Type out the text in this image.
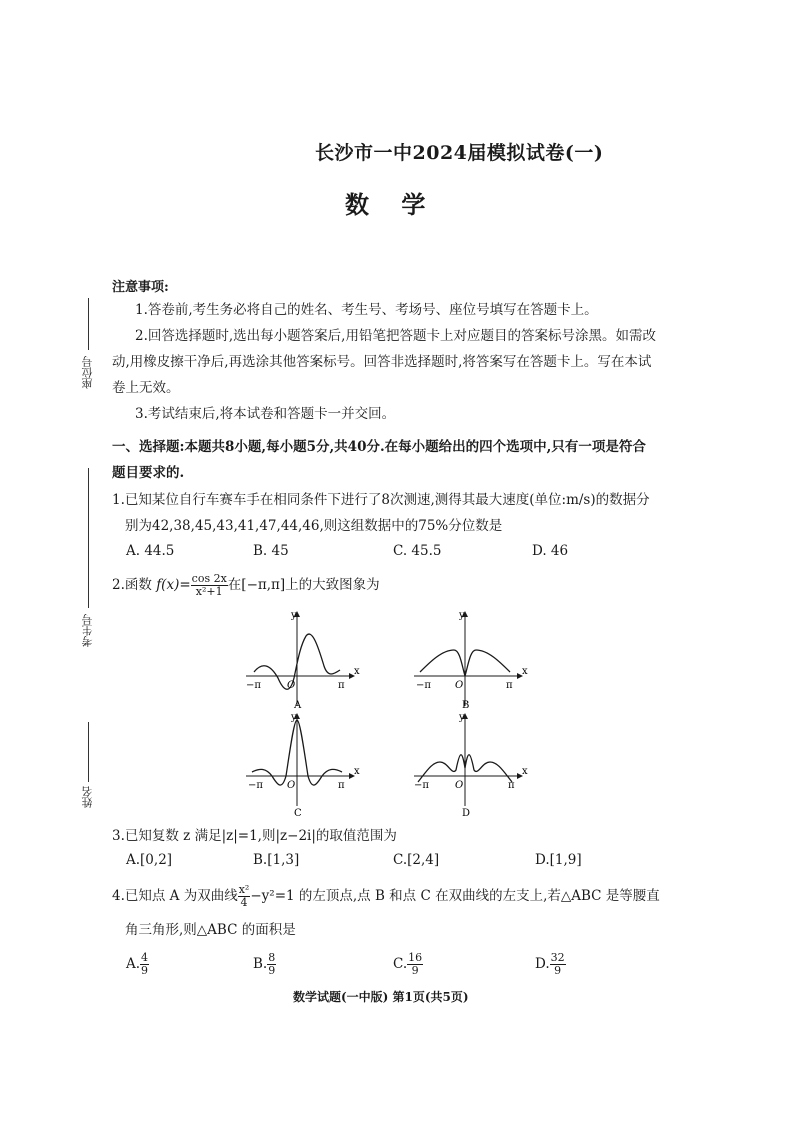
长沙市一中2024届模拟试卷(一)
数 学
座位号
考生号
姓名
注意事项:
1.答卷前,考生务必将自己的姓名、考生号、考场号、座位号填写在答题卡上。
2.回答选择题时,选出每小题答案后,用铅笔把答题卡上对应题目的答案标号涂黑。如需改
动,用橡皮擦干净后,再选涂其他答案标号。回答非选择题时,将答案写在答题卡上。写在本试
卷上无效。
3.考试结束后,将本试卷和答题卡一并交回。
一、选择题:本题共8小题,每小题5分,共40分.在每小题给出的四个选项中,只有一项是符合
题目要求的.
1.已知某位自行车赛车手在相同条件下进行了8次测速,测得其最大速度(单位:m/s)的数据分
别为42,38,45,43,41,47,44,46,则这组数据中的75%分位数是
A. 44.5	B. 45	C. 45.5	D. 46
2.函数 $f(x)= \frac{\cos 2x}{\text{x²+1}}$ 在[−π,π]上的大致图象为
x
y
−π	π
O
A
x
y
−π	π
O
B
x
y
−π	π
O
C
x
y
−π	π
O
D
3.已知复数 z 满足|z|=1,则|z−2i|的取值范围为
A.[0,2]	B.[1,3]	C.[2,4]	D.[1,9]
4.已知点 A 为双曲线 $\frac{\text{x²}}{4} -y^2=1$ 的左顶点,点 B 和点 C 在双曲线的左支上,若△ABC 是等腰直
角三角形,则△ABC 的面积是
A. $\frac{4}{9}$	B. $\frac{8}{9}$	C. $\frac{16}{9}$	D. $\frac{32}{9}$
数学试题(一中版) 第1页(共5页)
